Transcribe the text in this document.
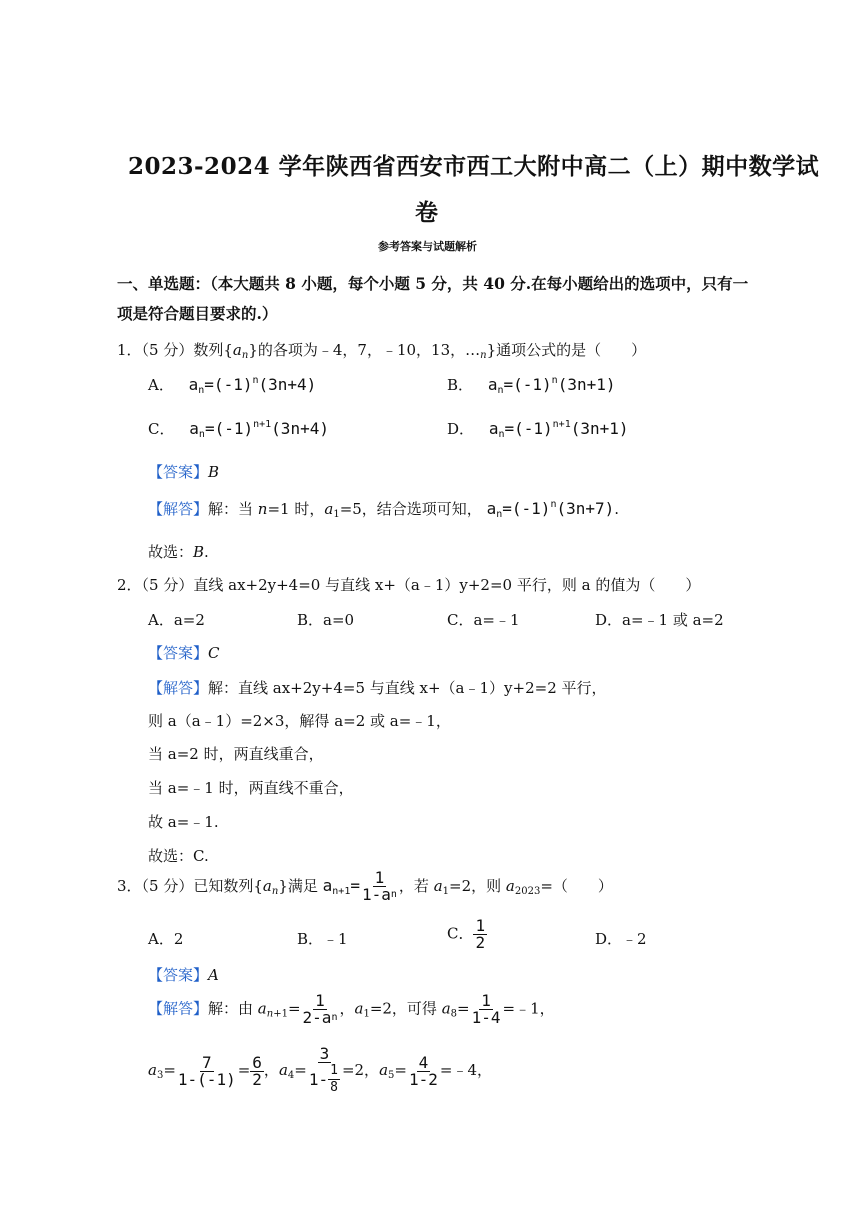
2023-2024 学年陕西省西安市西工大附中高二（上）期中数学试
卷
参考答案与试题解析
一、单选题：（本大题共 8 小题，每个小题 5 分，共 40 分.在每小题给出的选项中，只有一
项是符合题目要求的.）
1．（5 分）数列$\{a_n\}$的各项为﹣4，7，﹣10，13，$\dots_n$}通项公式的是（　　）
A． $a_n=(-1)^n(3n+4)$	B． $a_n=(-1)^n(3n+1)$
C． $a_n=(-1)^{n+1}(3n+4)$	D． $a_n=(-1)^{n+1}(3n+1)$
【答案】B
【解答】解：当 n=1 时，$a_1=5$，结合选项可知， $a_n=(-1)^n(3n+7)$.
故选：B.
2．（5 分）直线 ax+2y+4=0 与直线 x+（a﹣1）y+2=0 平行，则 a 的值为（　　）
A．a=2	B．a=0	C．a=﹣1	D．a=﹣1 或 a=2
【答案】C
【解答】解：直线 ax+2y+4=5 与直线 x+（a﹣1）y+2=2 平行，
则 a（a﹣1）=2×3，解得 a=2 或 a=﹣1，
当 a=2 时，两直线重合，
当 a=﹣1 时，两直线不重合，
故 a=﹣1.
故选：C.
3．（5 分）已知数列$\{a_n\}$满足 $a_{n+1}= \frac{1}{\text{1-a n}}$ ，若 $a_1=2$，则 $a_{2023}=$（　　）
A．2	B．﹣1	C． $\frac{1}{2}$	D．﹣2
【答案】A
【解答】解：由 $a_{n+1}= \frac{1}{\text{2-a n}}$ ，$a_1=2$，可得 $a_8= \frac{1}{1-4}$ =﹣1，
$a_3= \frac{7}{1-(-1)} = \frac{6}{2}$ ，$a_4= \frac{3}{1- \frac{1}{8}} =2$，$a_5= \frac{4}{1-2}$ =﹣4，
